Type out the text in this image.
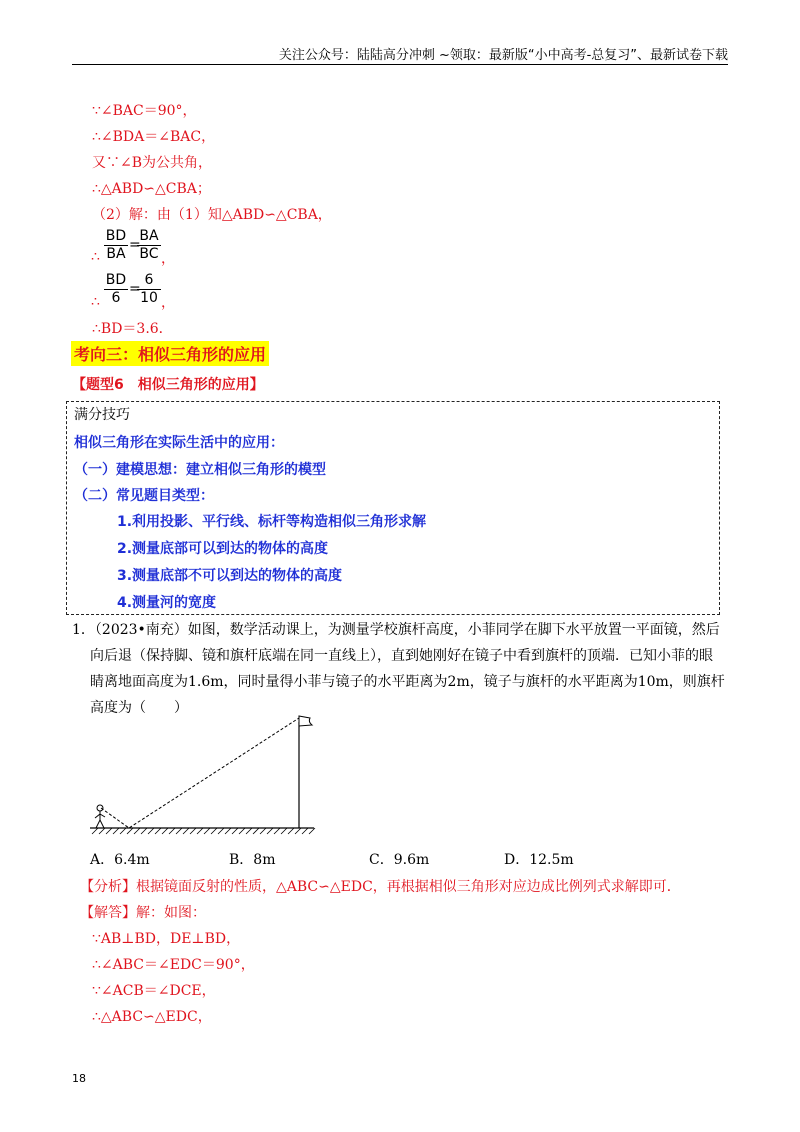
关注公众号：陆陆高分冲刺 ~领取：最新版“小中高考-总复习”、最新试卷下载
∵∠BAC＝90°，
∴∠BDA＝∠BAC，
又∵∠B为公共角，
∴△ABD∽△CBA；
（2）解：由（1）知△ABD∽△CBA，
∴
BD
BA
=
BA
BC ，
∴
BD
6
=
6
10 ，
∴BD＝3.6．
考向三：相似三角形的应用
【题型6　相似三角形的应用】
满分技巧
相似三角形在实际生活中的应用：
（一）建模思想：建立相似三角形的模型
（二）常见题目类型：
1.利用投影、平行线、标杆等构造相似三角形求解
2.测量底部可以到达的物体的高度
3.测量底部不可以到达的物体的高度
4.测量河的宽度
1．（2023•南充）如图，数学活动课上，为测量学校旗杆高度，小菲同学在脚下水平放置一平面镜，然后
向后退（保持脚、镜和旗杆底端在同一直线上），直到她刚好在镜子中看到旗杆的顶端．已知小菲的眼
睛离地面高度为1.6m，同时量得小菲与镜子的水平距离为2m，镜子与旗杆的水平距离为10m，则旗杆
高度为（　　）
A．6.4m	B．8m	C．9.6m	D．12.5m
【分析】根据镜面反射的性质，△ABC∽△EDC，再根据相似三角形对应边成比例列式求解即可．
【解答】解：如图：
∵AB⊥BD，DE⊥BD，
∴∠ABC＝∠EDC＝90°，
∵∠ACB＝∠DCE，
∴△ABC∽△EDC，
18
